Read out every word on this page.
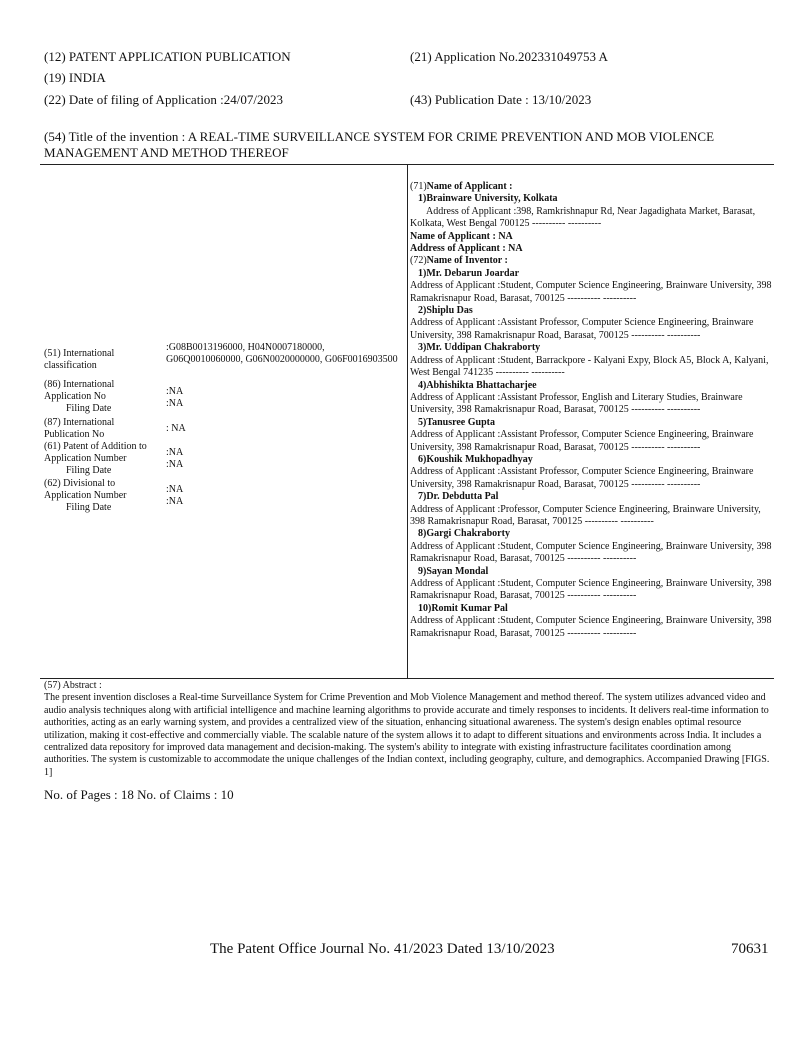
(12) PATENT APPLICATION PUBLICATION
(19) INDIA
(22) Date of filing of Application :24/07/2023
(21) Application No.202331049753 A
(43) Publication Date : 13/10/2023
(54) Title of the invention : A REAL-TIME SURVEILLANCE SYSTEM FOR CRIME PREVENTION AND MOB VIOLENCE MANAGEMENT AND METHOD THEREOF
(51) International classification
:G08B0013196000, H04N0007180000, G06Q0010060000, G06N0020000000, G06F0016903500
(86) International Application No
Filing Date
:NA
:NA
(87) International Publication No
: NA
(61) Patent of Addition to Application Number
Filing Date
:NA
:NA
(62) Divisional to Application Number
Filing Date
:NA
:NA
(71)Name of Applicant :
1)Brainware University, Kolkata
Address of Applicant :398, Ramkrishnapur Rd, Near Jagadighata Market, Barasat, Kolkata, West Bengal 700125 ---------- ----------
Name of Applicant : NA
Address of Applicant : NA
(72)Name of Inventor :
1)Mr. Debarun Joardar
Address of Applicant :Student, Computer Science Engineering, Brainware University, 398 Ramakrisnapur Road, Barasat, 700125 ---------- ----------
2)Shiplu Das
Address of Applicant :Assistant Professor, Computer Science Engineering, Brainware University, 398 Ramakrisnapur Road, Barasat, 700125 ---------- ----------
3)Mr. Uddipan Chakraborty
Address of Applicant :Student, Barrackpore - Kalyani Expy, Block A5, Block A, Kalyani, West Bengal 741235 ---------- ----------
4)Abhishikta Bhattacharjee
Address of Applicant :Assistant Professor, English and Literary Studies, Brainware University, 398 Ramakrisnapur Road, Barasat, 700125 ---------- ----------
5)Tanusree Gupta
Address of Applicant :Assistant Professor, Computer Science Engineering, Brainware University, 398 Ramakrisnapur Road, Barasat, 700125 ---------- ----------
6)Koushik Mukhopadhyay
Address of Applicant :Assistant Professor, Computer Science Engineering, Brainware University, 398 Ramakrisnapur Road, Barasat, 700125 ---------- ----------
7)Dr. Debdutta Pal
Address of Applicant :Professor, Computer Science Engineering, Brainware University, 398 Ramakrisnapur Road, Barasat, 700125 ---------- ----------
8)Gargi Chakraborty
Address of Applicant :Student, Computer Science Engineering, Brainware University, 398 Ramakrisnapur Road, Barasat, 700125 ---------- ----------
9)Sayan Mondal
Address of Applicant :Student, Computer Science Engineering, Brainware University, 398 Ramakrisnapur Road, Barasat, 700125 ---------- ----------
10)Romit Kumar Pal
Address of Applicant :Student, Computer Science Engineering, Brainware University, 398 Ramakrisnapur Road, Barasat, 700125 ---------- ----------
(57) Abstract :
The present invention discloses a Real-time Surveillance System for Crime Prevention and Mob Violence Management and method thereof. The system utilizes advanced video and audio analysis techniques along with artificial intelligence and machine learning algorithms to provide accurate and timely responses to incidents. It delivers real-time information to authorities, acting as an early warning system, and provides a centralized view of the situation, enhancing situational awareness. The system's design enables optimal resource utilization, making it cost-effective and commercially viable. The scalable nature of the system allows it to adapt to different situations and environments across India. It includes a centralized data repository for improved data management and decision-making. The system's ability to integrate with existing infrastructure facilitates coordination among authorities. The system is customizable to accommodate the unique challenges of the Indian context, including geography, culture, and demographics. Accompanied Drawing [FIGS. 1]
No. of Pages : 18 No. of Claims : 10
The Patent Office Journal No. 41/2023 Dated 13/10/2023	70631
